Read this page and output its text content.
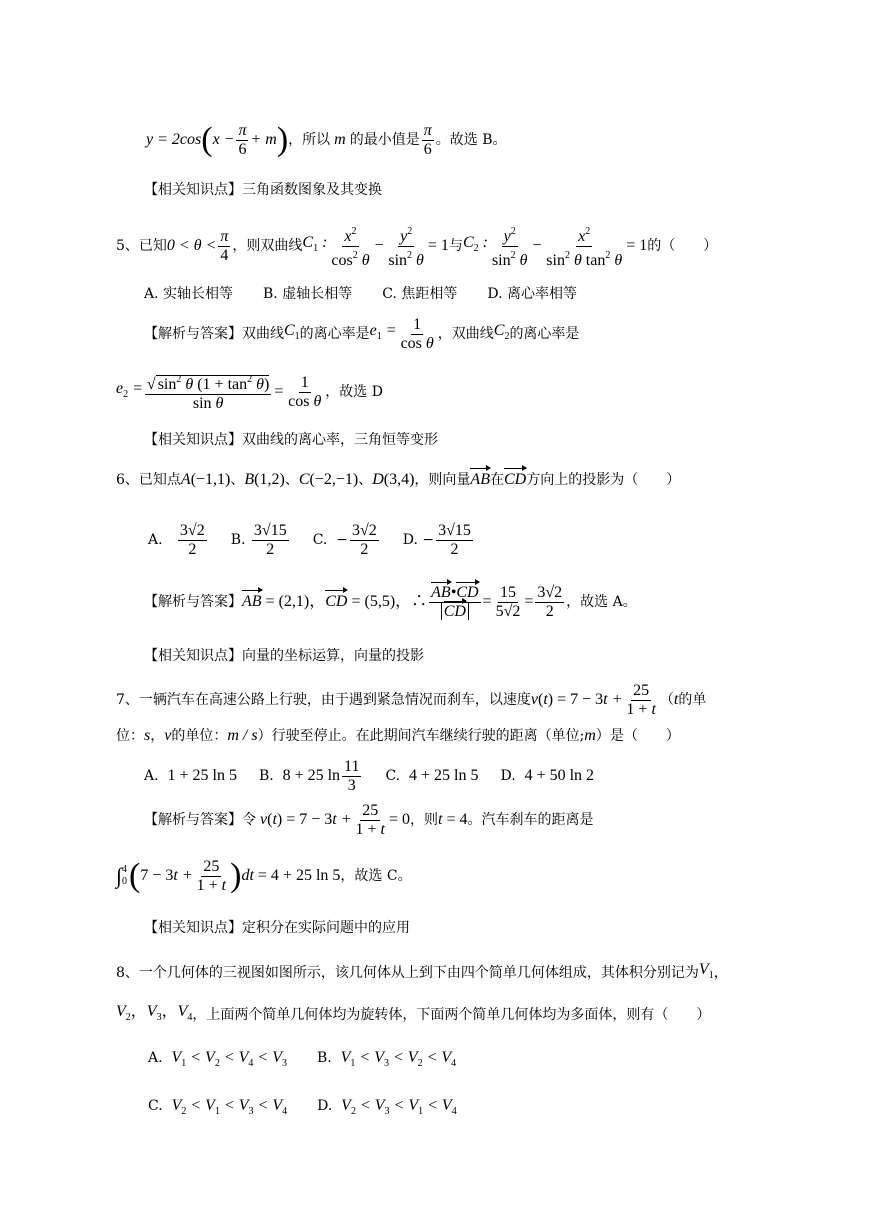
y = 2cos ( $x - \frac{\pi}{6} + m$ ) ，所以 m 的最小值是 $\frac{\pi}{6}$ 。故选 B。
【相关知识点】三角函数图象及其变换
5、已知 $0 < \theta < \frac{\pi}{4}$ ，则双曲线 $C_1$ : $\frac{x^2}{\cos^2 \theta} - \frac{y^2}{\sin^2 \theta} = 1$ 与 $C_2$ : $\frac{y^2}{\sin^2 \theta} - \frac{x^2}{\sin^2 \theta \tan^2 \theta} = 1$ 的（　　）
A. 实轴长相等 B. 虚轴长相等 C. 焦距相等 D. 离心率相等
【解析与答案】双曲线 $C_1$ 的离心率是 $e_1 = \frac{1}{\text{cos θ}}$ ，双曲线 $C_2$ 的离心率是
$e_2 = \frac{√ \sin^2 \theta (1 + \tan^2 \theta)}{\text{sin θ}} = \frac{1}{\text{cos θ}}$ ，故选 D
【相关知识点】双曲线的离心率，三角恒等变形
6、已知点 A(−1,1) 、 B(1,2) 、 C(−2,−1) 、 D(3,4) ，则向量 AB 在 CD 方向上的投影为（　　）
A. $\frac{3√2}{2} B$. $\frac{3√15}{2} C$.  − $\frac{3√2}{2} D$. − $\frac{3√15}{2}$
【解析与答案】 AB = (2,1)， CD = (5,5)，∴ $\frac{AB•CD}{CD} = \frac{15}{5√2} = \frac{3√2}{2}$ ，故选 A。
【相关知识点】向量的坐标运算，向量的投影
7、一辆汽车在高速公路上行驶，由于遇到紧急情况而刹车，以速度 $v(t) = 7 - 3t + \frac{25}{1 + t}$ （ t 的单
位： s ， v 的单位： m / s ）行驶至停止。在此期间汽车继续行驶的距离（单位; m ）是（　　）
A.  1 + 25 ln 5 B.  8 + 25 $\ln \frac{11}{3} C$.  4 + 25 ln 5 D.  4 + 50 ln 2
【解析与答案】令 $v(t) = 7 - 3t + \frac{25}{1 + t} = 0$ ，则 t = 4 。汽车刹车的距离是
∫ 4
0 ( $7 - 3t + \frac{25}{1 + t}$ ) dt = 4 + 25 ln 5 ，故选 C。
【相关知识点】定积分在实际问题中的应用
8、一个几何体的三视图如图所示，该几何体从上到下由四个简单几何体组成，其体积分别记为 $V_1$ ，
$V_2$，$V_3$，$V_4$ ，上面两个简单几何体均为旋转体，下面两个简单几何体均为多面体，则有（　　）
A.  $V_1 < V_2 < V_4 < V_3$ B.  $V_1 < V_3 < V_2 < V_4$
C.  $V_2 < V_1 < V_3 < V_4$ D.  $V_2 < V_3 < V_1 < V_4$
